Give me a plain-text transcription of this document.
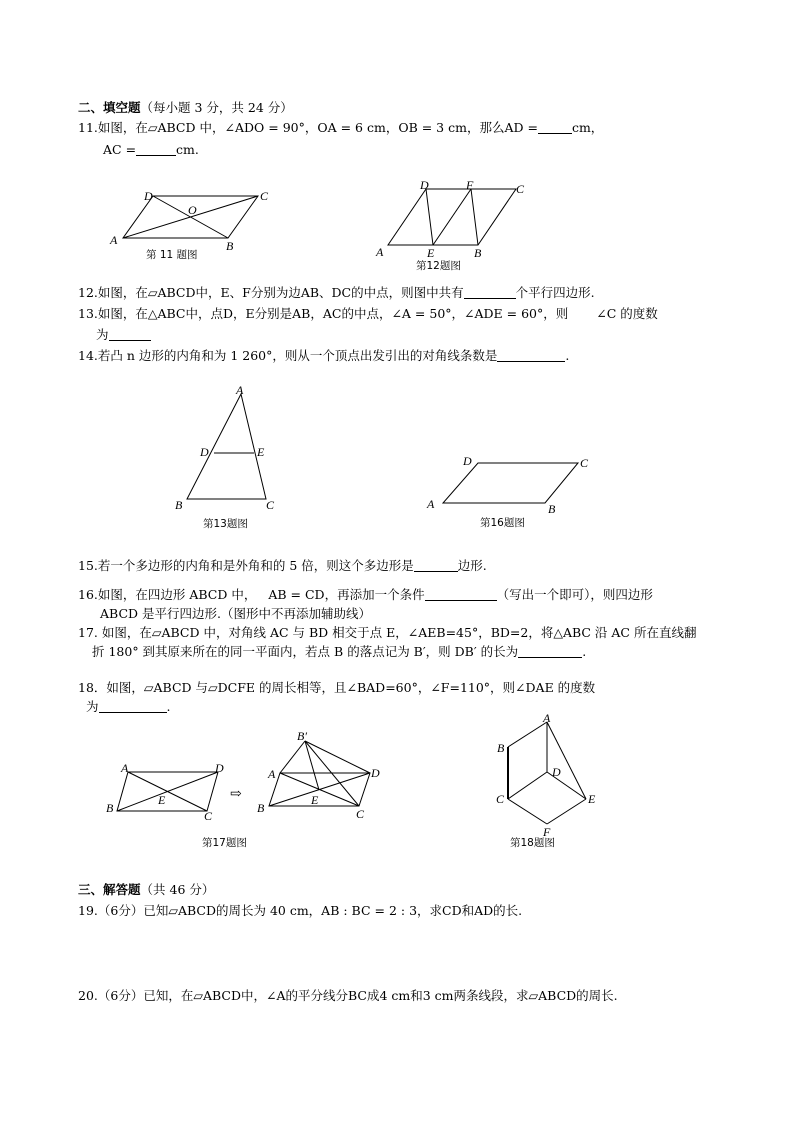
二、填空题（每小题 3 分，共 24 分）
11.如图，在▱ABCD 中，∠ADO = 90°，OA = 6 cm，OB = 3 cm，那么AD =	cm，
AC =	cm.
A	B
C
D
O
第 11 题图	A	E	B
D	F	C
第12题图
12.如图，在▱ABCD中，E、F分别为边AB、DC的中点，则图中共有	个平行四边形.
13.如图，在△ABC中，点D，E分别是AB，AC的中点，∠A = 50°，∠ADE = 60°，则 ∠C 的度数
为
14.若凸 n 边形的内角和为 1 260°，则从一个顶点出发引出的对角线条数是	.
A
D	E
B	C
第13题图
A	B
C
D
第16题图
15.若一个多边形的内角和是外角和的 5 倍，则这个多边形是	边形.
16.如图，在四边形 ABCD 中， AB = CD，再添加一个条件	（写出一个即可），则四边形
ABCD 是平行四边形.（图形中不再添加辅助线）
17. 如图，在▱ABCD 中，对角线 AC 与 BD 相交于点 E，∠AEB=45°，BD=2，将△ABC 沿 AC 所在直线翻
折 180° 到其原来所在的同一平面内，若点 B 的落点记为 B′，则 DB′ 的长为	.
18．如图，▱ABCD 与▱DCFE 的周长相等，且∠BAD=60°，∠F=110°，则∠DAE 的度数
为	.
A	D
B
C
E	⇨
B′
A	D
B	C
E
第17题图
A
B
C
D
E
F
第18题图
三、解答题（共 46 分）
19.（6分）已知▱ABCD的周长为 40 cm，AB : BC = 2 : 3，求CD和AD的长.
20.（6分）已知，在▱ABCD中，∠A的平分线分BC成4 cm和3 cm两条线段，求▱ABCD的周长.
